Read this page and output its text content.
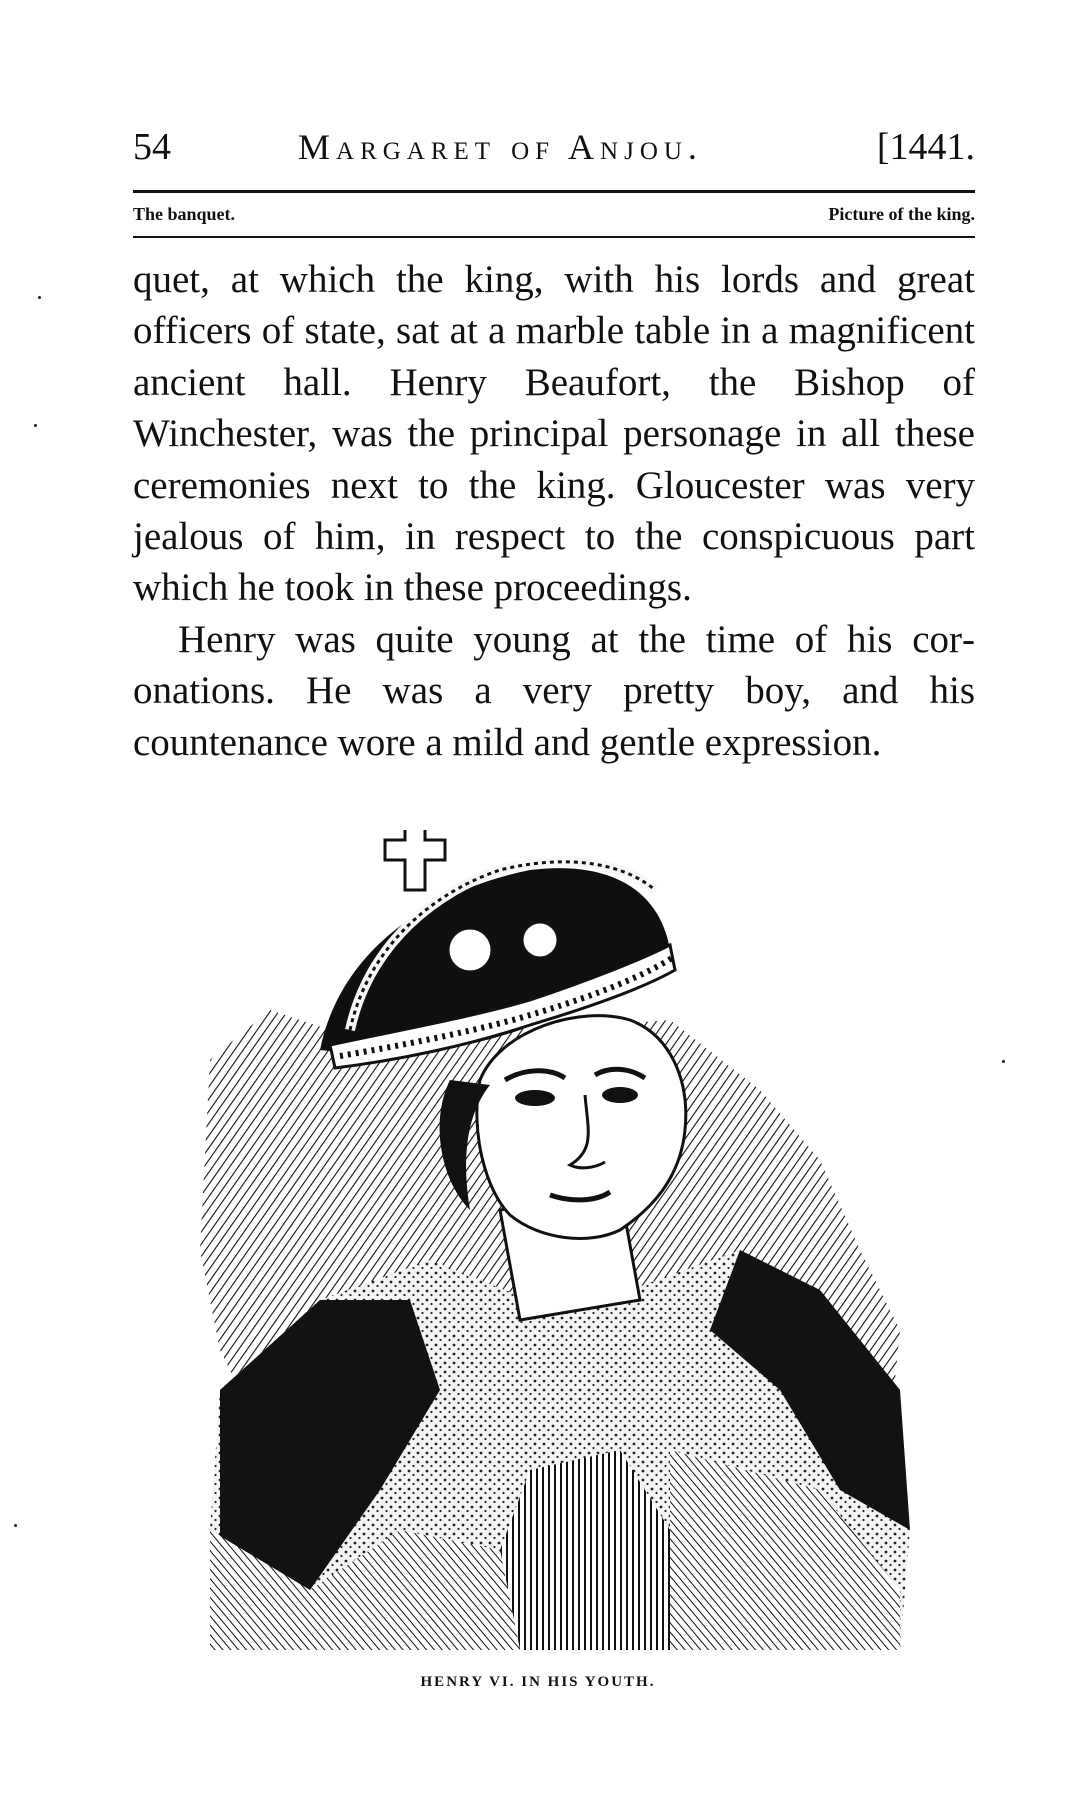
54	Margaret of Anjou.	[1441.
The banquet.	Picture of the king.

quet, at which the king, with his lords and great officers of state, sat at a marble table in a magnificent ancient hall. Henry Beaufort, the Bishop of Winchester, was the principal personage in all these ceremonies next to the king. Gloucester was very jealous of him, in respect to the conspicuous part which he took in these proceedings.

Henry was quite young at the time of his coronations. He was a very pretty boy, and his countenance wore a mild and gentle expression.

HENRY VI. IN HIS YOUTH.
